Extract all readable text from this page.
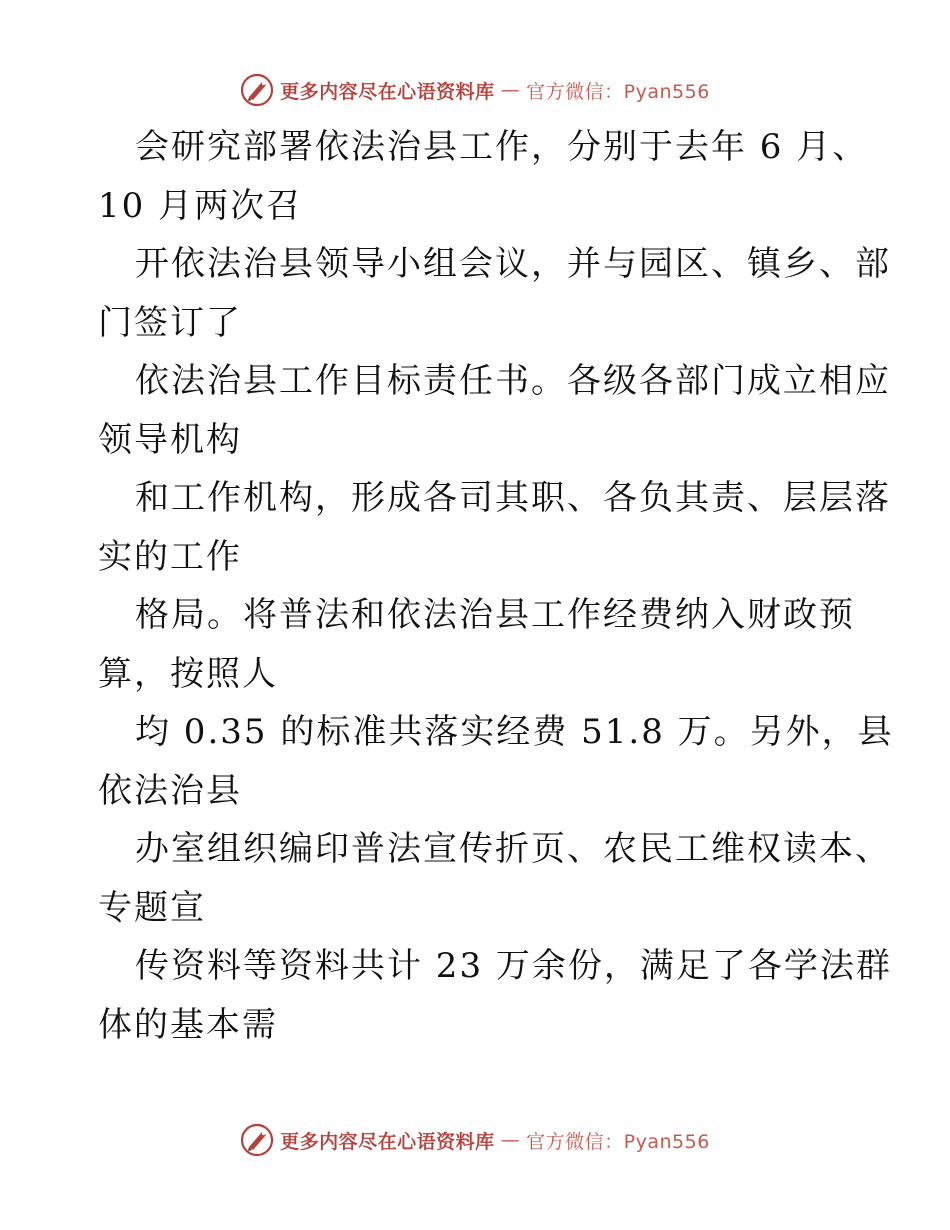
更多内容尽在心语资料库 — 官方微信：Pyan556
会研究部署依法治县工作，分别于去年 6 月、
10 月两次召
开依法治县领导小组会议，并与园区、镇乡、部
门签订了
依法治县工作目标责任书。各级各部门成立相应
领导机构
和工作机构，形成各司其职、各负其责、层层落
实的工作
格局。将普法和依法治县工作经费纳入财政预
算，按照人
均 0.35 的标准共落实经费 51.8 万。另外，县
依法治县
办室组织编印普法宣传折页、农民工维权读本、
专题宣
传资料等资料共计 23 万余份，满足了各学法群
体的基本需
更多内容尽在心语资料库 — 官方微信：Pyan556
